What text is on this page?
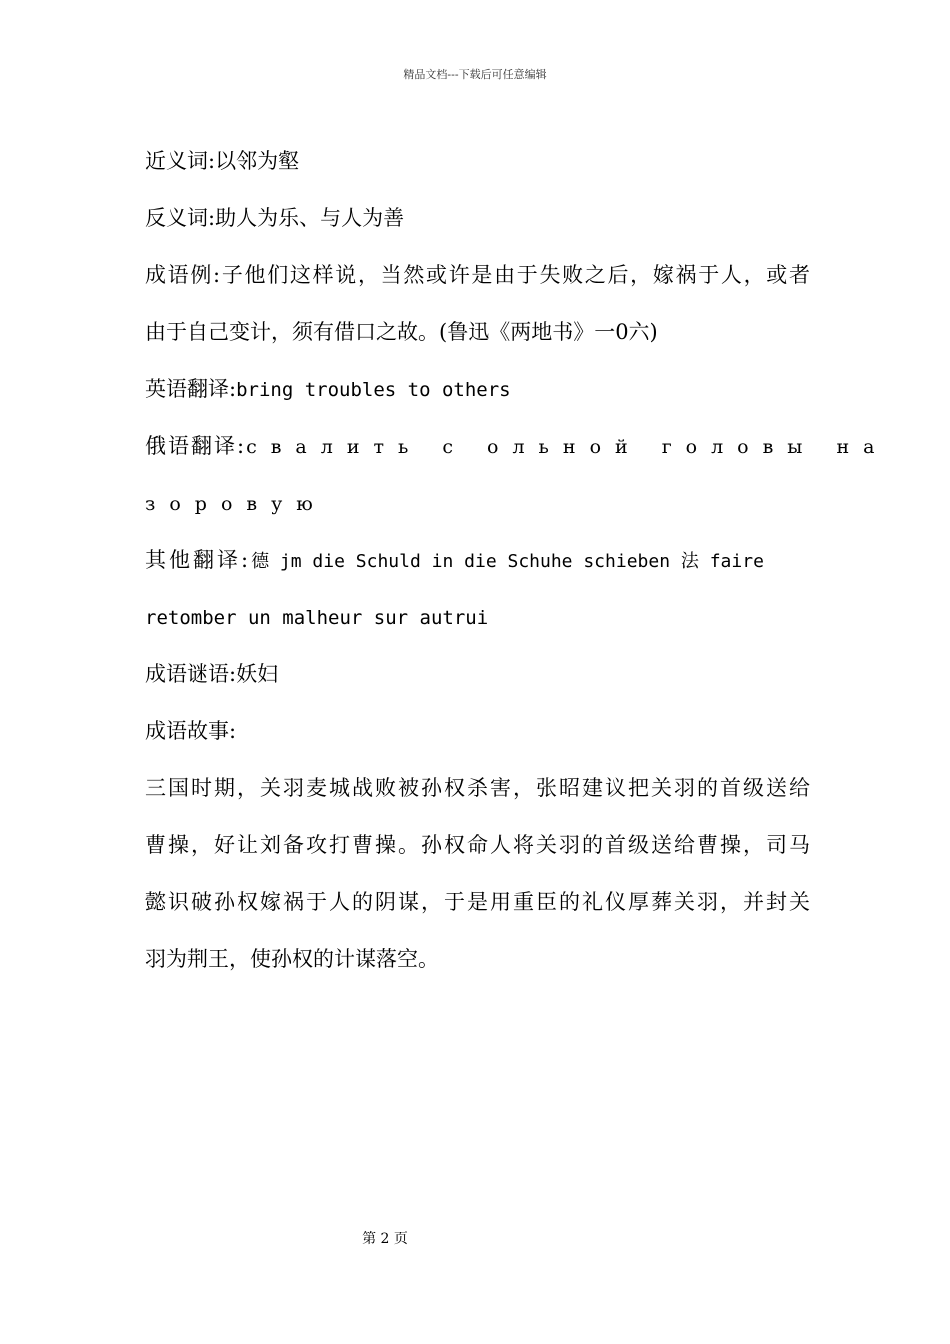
精品文档---下载后可任意编辑
近义词:以邻为壑
反义词:助人为乐、与人为善
成语例:子他们这样说，当然或许是由于失败之后，嫁祸于人，或者
由于自己变计，须有借口之故。(鲁迅《两地书》一0六)
英语翻译:bring troubles to others
俄语翻译:свалить с ольной головы на
зоровую
其他翻译:德 jm die Schuld in die Schuhe schieben 法 faire
retomber un malheur sur autrui
成语谜语:妖妇
成语故事:
三国时期，关羽麦城战败被孙权杀害，张昭建议把关羽的首级送给
曹操，好让刘备攻打曹操。孙权命人将关羽的首级送给曹操，司马
懿识破孙权嫁祸于人的阴谋，于是用重臣的礼仪厚葬关羽，并封关
羽为荆王，使孙权的计谋落空。
第 2 页
